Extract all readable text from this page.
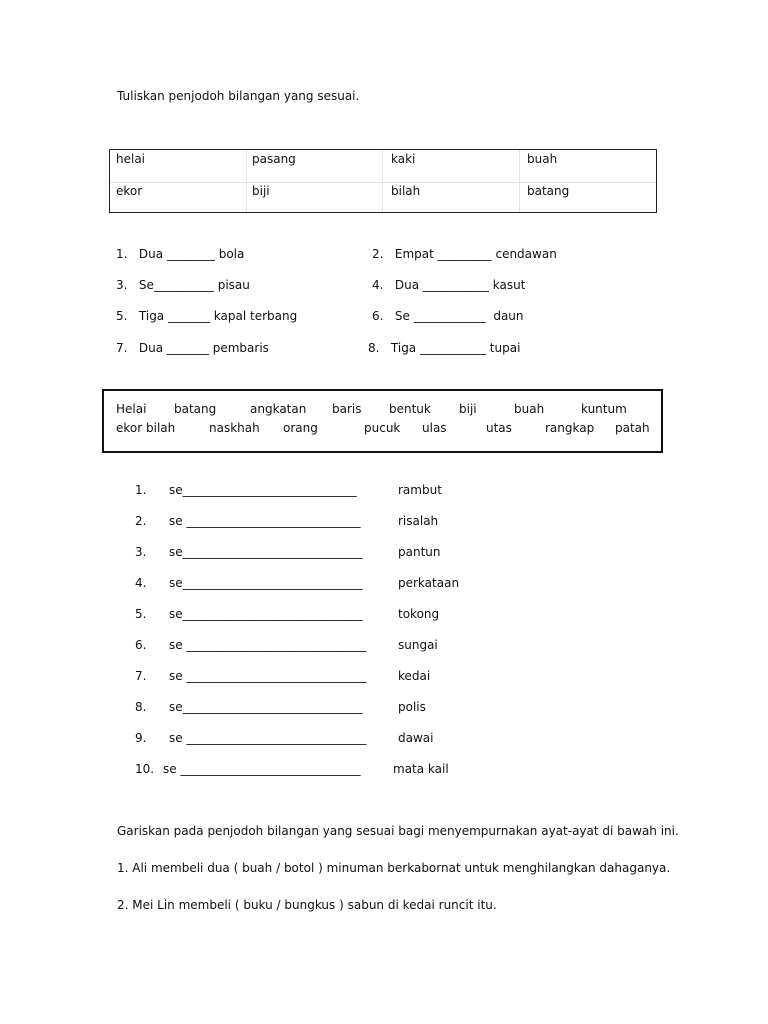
Tuliskan penjodoh bilangan yang sesuai.
helai	pasang	kaki	buah
ekor	biji	bilah	batang
1.   Dua ________ bola	2.   Empat _________ cendawan
3.   Se__________ pisau	4.   Dua ___________ kasut
5.   Tiga _______ kapal terbang	6.   Se ____________  daun
7.   Dua _______ pembaris	8.   Tiga ___________ tupai
Helai batang	angkatan baris bentuk biji	buah	kuntum
ekor bilah	naskhah orang	pucuk ulas	utas	rangkap patah
1. se_____________________________	rambut
2. se _____________________________	risalah
3. se______________________________	pantun
4. se______________________________	perkataan
5. se______________________________	tokong
6. se ______________________________	sungai
7. se ______________________________	kedai
8. se______________________________	polis
9. se ______________________________	dawai
10. se ______________________________	mata kail
Gariskan pada penjodoh bilangan yang sesuai bagi menyempurnakan ayat-ayat di bawah ini.
1. Ali membeli dua ( buah / botol ) minuman berkabornat untuk menghilangkan dahaganya.
2. Mei Lin membeli ( buku / bungkus ) sabun di kedai runcit itu.
